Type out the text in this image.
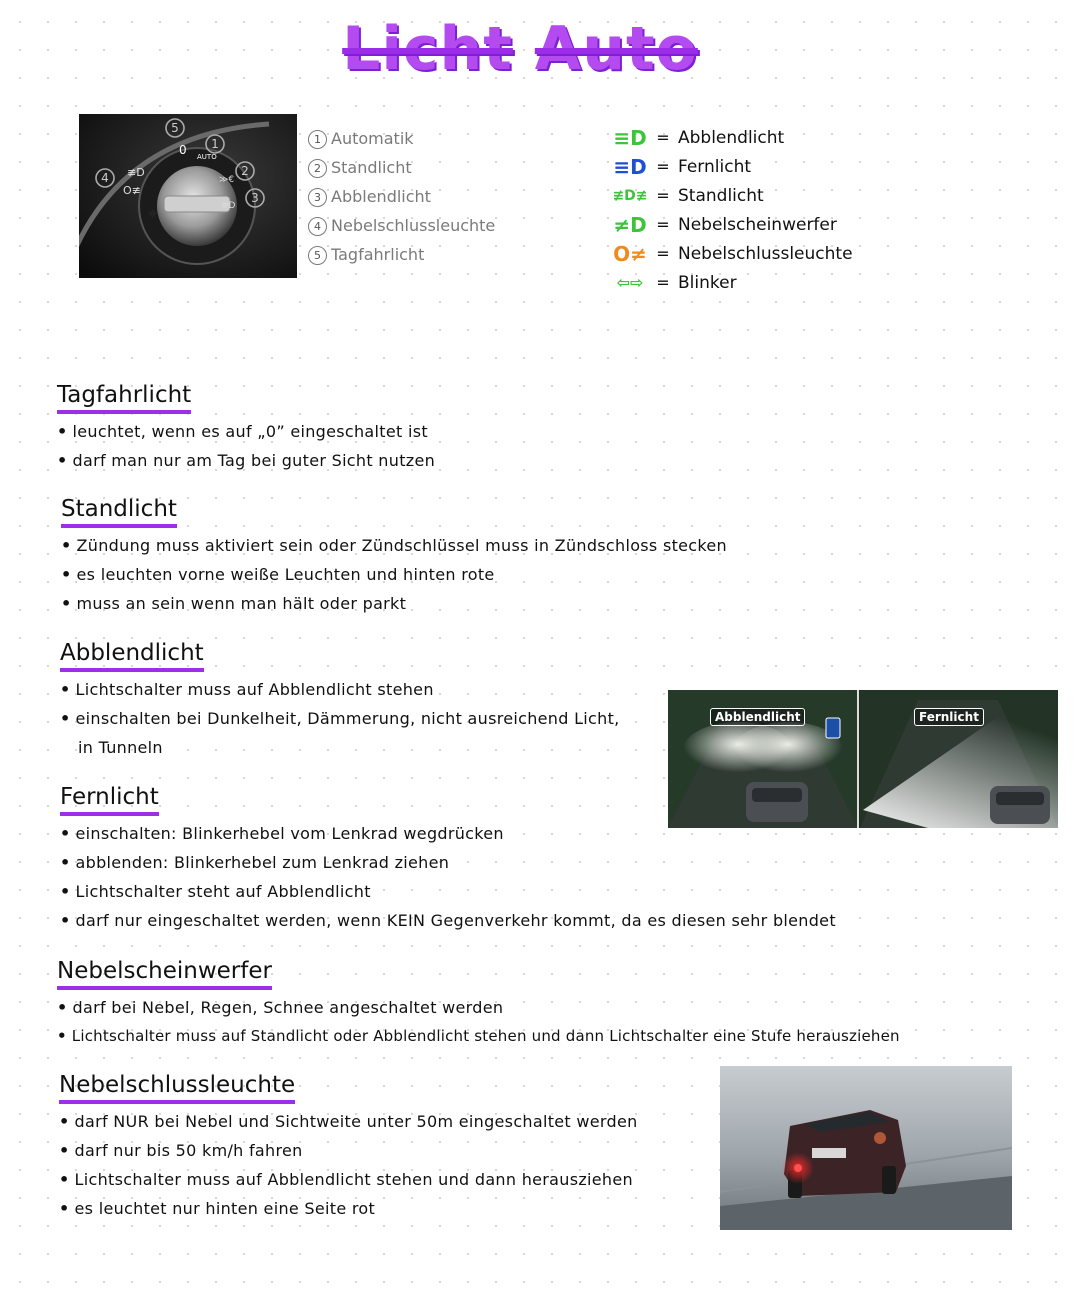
Licht Auto
0 AUTO
≢D
O≢
≫€
≡D
☼
5
1
2
3
4
1 Automatik
2 Standlicht
3 Abblendlicht
4 Nebelschlussleuchte
5 Tagfahrlicht
≡D = Abblendlicht
≡D = Fernlicht
≢D≢ = Standlicht
≠D = Nebelscheinwerfer
O≠ = Nebelschlussleuchte
⇦⇨ = Blinker
Tagfahrlicht
• leuchtet, wenn es auf „0” eingeschaltet ist
• darf man nur am Tag bei guter Sicht nutzen
Standlicht
• Zündung muss aktiviert sein oder Zündschlüssel muss in Zündschloss stecken
• es leuchten vorne weiße Leuchten und hinten rote
• muss an sein wenn man hält oder parkt
Abblendlicht
• Lichtschalter muss auf Abblendlicht stehen
• einschalten bei Dunkelheit, Dämmerung, nicht ausreichend Licht,
in Tunneln
Abblendlicht	Fernlicht
Fernlicht
• einschalten: Blinkerhebel vom Lenkrad wegdrücken
• abblenden: Blinkerhebel zum Lenkrad ziehen
• Lichtschalter steht auf Abblendlicht
• darf nur eingeschaltet werden, wenn KEIN Gegenverkehr kommt, da es diesen sehr blendet
Nebelscheinwerfer
• darf bei Nebel, Regen, Schnee angeschaltet werden
• Lichtschalter muss auf Standlicht oder Abblendlicht stehen und dann Lichtschalter eine Stufe herausziehen
Nebelschlussleuchte
• darf NUR bei Nebel und Sichtweite unter 50m eingeschaltet werden
• darf nur bis 50 km/h fahren
• Lichtschalter muss auf Abblendlicht stehen und dann herausziehen
• es leuchtet nur hinten eine Seite rot
